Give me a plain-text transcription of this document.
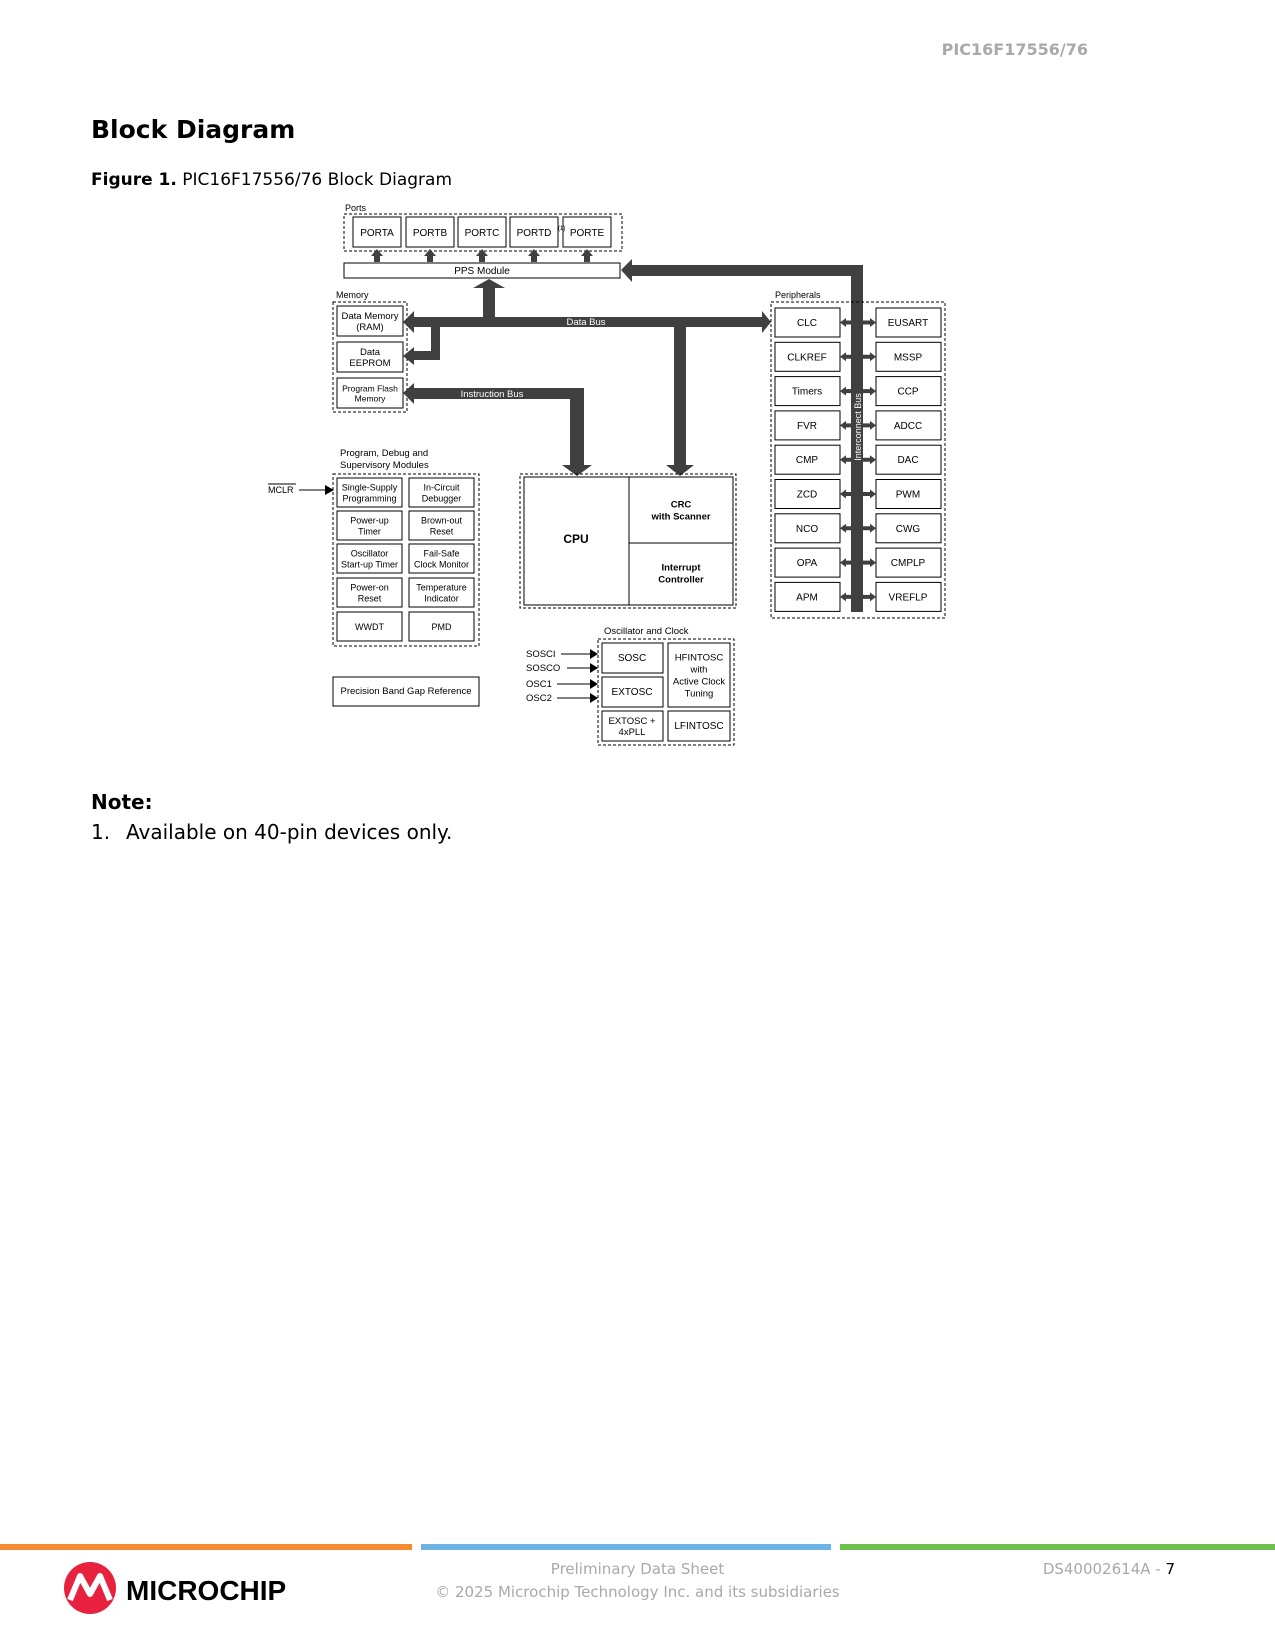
PIC16F17556/76
Block Diagram
Figure 1. PIC16F17556/76 Block Diagram
Ports
PORTA PORTB PORTC PORTD PORTE
(1)
PPS Module
Memory
Data Memory
(RAM)
Data
EEPROM
Program Flash
Memory
Data Bus
Instruction Bus
Peripherals
CLC
CLKREF
Timers
FVR
CMP
ZCD
NCO
OPA
APM
EUSART
MSSP
CCP
ADCC
DAC
PWM
CWG
CMPLP
VREFLP
Interconnect Bus
Program, Debug and
Supervisory Modules
Single-Supply
Programming
In-Circuit
Debugger
Power-up
Timer
Brown-out
Reset
Oscillator
Start-up Timer
Fail-Safe
Clock Monitor
Power-on
Reset
Temperature
Indicator
WWDT	PMD
MCLR
CPU
CRC
with Scanner
Interrupt
Controller
Oscillator and Clock
SOSC
EXTOSC
EXTOSC +
4xPLL
HFINTOSC
with
Active Clock
Tuning
LFINTOSC
SOSCI
SOSCO
OSC1
OSC2
Precision Band Gap Reference
Note:
1. Available on 40-pin devices only.
MICROCHIP
Preliminary Data Sheet
© 2025 Microchip Technology Inc. and its subsidiaries
DS40002614A - 7
